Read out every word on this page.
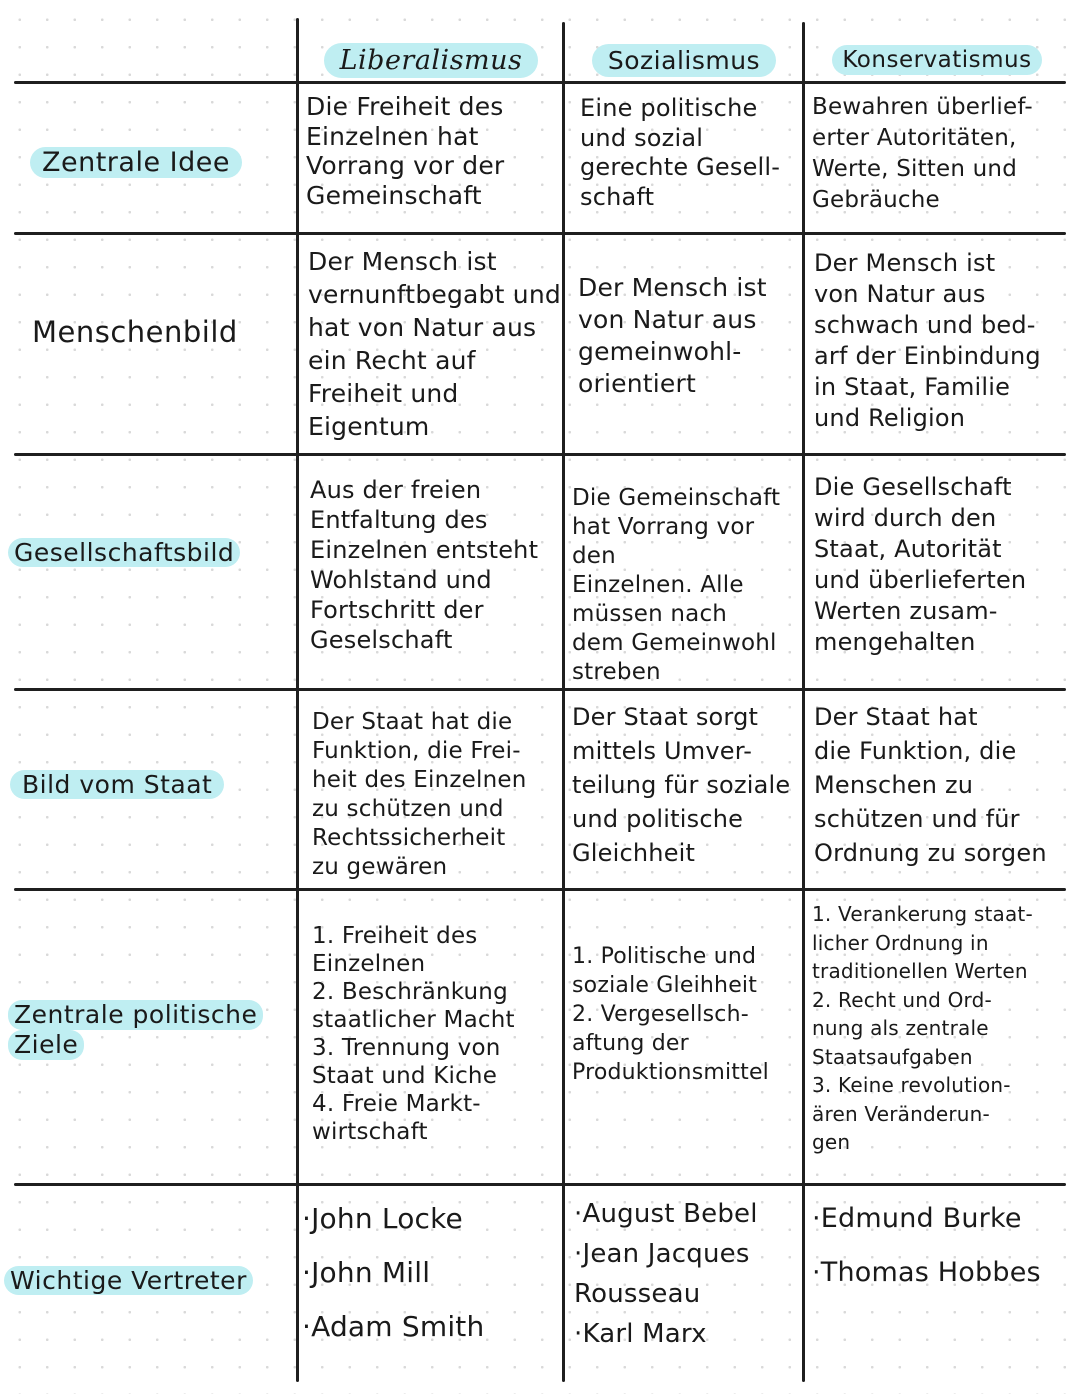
Liberalismus	Sozialismus	Konservatismus
Zentrale Idee
Die Freiheit des
Einzelnen hat
Vorrang vor der
Gemeinschaft
Eine politische
und sozial
gerechte Gesell-
schaft
Bewahren überlief-
erter Autoritäten,
Werte, Sitten und
Gebräuche
Menschenbild
Der Mensch ist
vernunftbegabt und
hat von Natur aus
ein Recht auf
Freiheit und
Eigentum
Der Mensch ist
von Natur aus
gemeinwohl-
orientiert
Der Mensch ist
von Natur aus
schwach und bed-
arf der Einbindung
in Staat, Familie
und Religion
Gesellschaftsbild
Aus der freien
Entfaltung des
Einzelnen entsteht
Wohlstand und
Fortschritt der
Geselschaft
Die Gemeinschaft
hat Vorrang vor den
Einzelnen. Alle
müssen nach
dem Gemeinwohl
streben
Die Gesellschaft
wird durch den
Staat, Autorität
und überlieferten
Werten zusam-
mengehalten
Bild vom Staat
Der Staat hat die
Funktion, die Frei-
heit des Einzelnen
zu schützen und
Rechtssicherheit
zu gewären
Der Staat sorgt
mittels Umver-
teilung für soziale
und politische
Gleichheit
Der Staat hat
die Funktion, die
Menschen zu
schützen und für
Ordnung zu sorgen
Zentrale politische
Ziele
1. Freiheit des
Einzelnen
2. Beschränkung
staatlicher Macht
3. Trennung von
Staat und Kiche
4. Freie Markt-
wirtschaft
1. Politische und
soziale Gleihheit
2. Vergesellsch-
aftung der
Produktionsmittel
1. Verankerung staat-
licher Ordnung in
traditionellen Werten
2. Recht und Ord-
nung als zentrale
Staatsaufgaben
3. Keine revolution-
ären Veränderun-
gen
Wichtige Vertreter
·John Locke
·John Mill
·Adam Smith
·August Bebel
·Jean Jacques
Rousseau
·Karl Marx
·Edmund Burke
·Thomas Hobbes
